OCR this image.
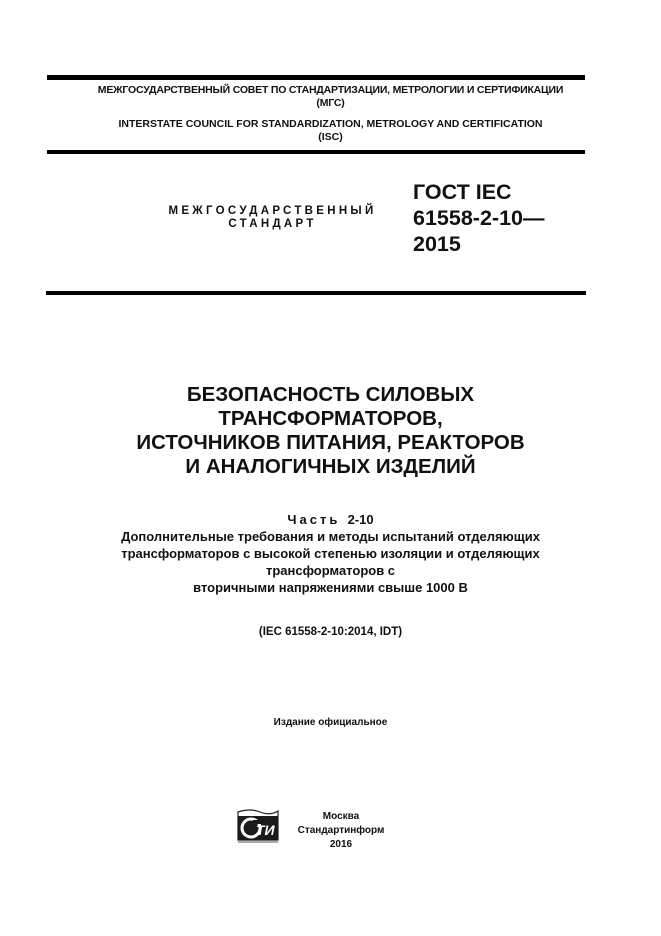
МЕЖГОСУДАРСТВЕННЫЙ СОВЕТ ПО СТАНДАРТИЗАЦИИ, МЕТРОЛОГИИ И СЕРТИФИКАЦИИ
(МГС)
INTERSTATE COUNCIL FOR STANDARDIZATION, METROLOGY AND CERTIFICATION
(ISC)
МЕЖГОСУДАРСТВЕННЫЙ
СТАНДАРТ
ГОСТ IEC
61558-2-10—
2015
БЕЗОПАСНОСТЬ СИЛОВЫХ
ТРАНСФОРМАТОРОВ,
ИСТОЧНИКОВ ПИТАНИЯ, РЕАКТОРОВ
И АНАЛОГИЧНЫХ ИЗДЕЛИЙ
Часть 2-10
Дополнительные требования и методы испытаний отделяющих
трансформаторов с высокой степенью изоляции и отделяющих
трансформаторов с
вторичными напряжениями свыше 1000 В
(IEC 61558-2-10:2014, IDT)
Издание официальное
ТИ
Москва
Стандартинформ
2016
